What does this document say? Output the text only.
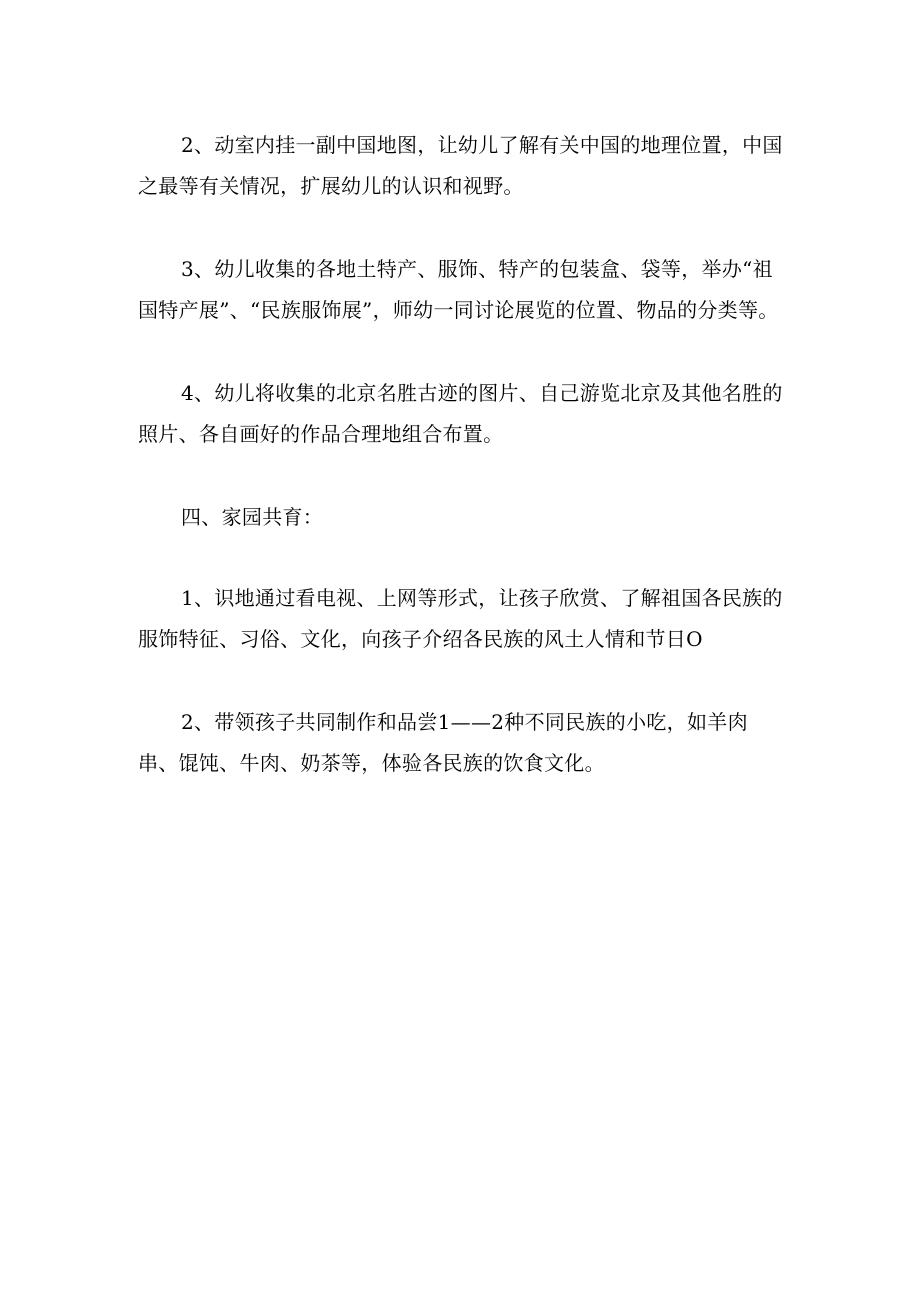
2、动室内挂一副中国地图，让幼儿了解有关中国的地理位置，中国之最等有关情况，扩展幼儿的认识和视野。

3、幼儿收集的各地土特产、服饰、特产的包装盒、袋等，举办“祖国特产展”、“民族服饰展”，师幼一同讨论展览的位置、物品的分类等。

4、幼儿将收集的北京名胜古迹的图片、自己游览北京及其他名胜的照片、各自画好的作品合理地组合布置。

四、家园共育：

1、识地通过看电视、上网等形式，让孩子欣赏、了解祖国各民族的服饰特征、习俗、文化，向孩子介绍各民族的风土人情和节日O

2、带领孩子共同制作和品尝1——2种不同民族的小吃，如羊肉串、馄饨、牛肉、奶茶等，体验各民族的饮食文化。
